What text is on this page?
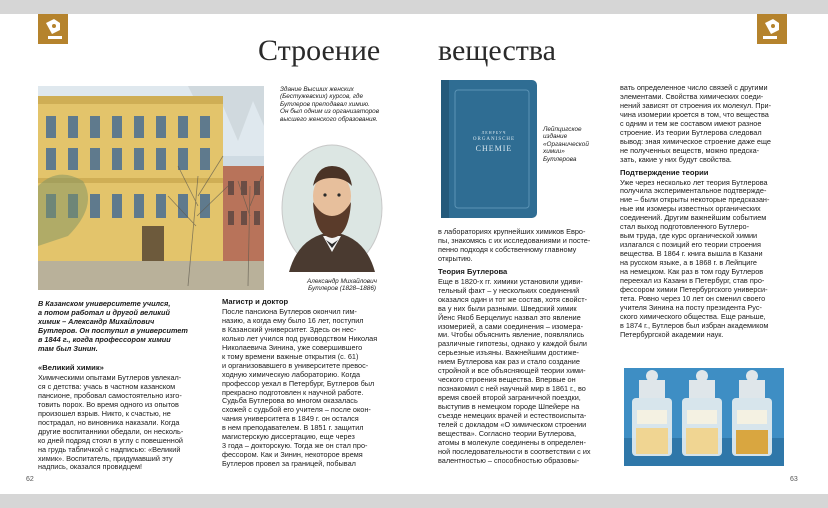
62	63
Строение вещества
Здание Высших женских
(Бестужевских) курсов, где
Бутлеров преподавал химию.
Он был одним из организаторов
высшего женского образования.
Александр Михайлович
Бутлеров (1828–1886)
ЛЕНРБУЧ
ORGANISCHE
CHEMIE
Лейпцигское
издание
«Органической
химии»
Бутлерова
В Казанском университете учился,
а потом работал и другой великий
химик – Александр Михайлович
Бутлеров. Он поступил в университет
в 1844 г., когда профессором химии
там был Зинин.

«Великий химик»

Химическими опытами Бутлеров увлекал-
ся с детства: учась в частном казанском
пансионе, пробовал самостоятельно изго-
товить порох. Во время одного из опытов
произошел взрыв. Никто, к счастью, не
пострадал, но виновника наказали. Когда
другие воспитанники обедали, он несколь-
ко дней подряд стоял в углу с повешенной
на грудь табличкой с надписью: «Великий
химик». Воспитатель, придумавший эту
надпись, оказался провидцем!

Магистр и доктор

После пансиона Бутлеров окончил гим-
назию, а когда ему было 16 лет, поступил
в Казанский университет. Здесь он нес-
колько лет учился под руководством Николая
Николаевича Зинина, уже совершившего
к тому времени важные открытия (с. 61)
и организовавшего в университете превос-
ходную химическую лабораторию. Когда
профессор уехал в Петербург, Бутлеров был
прекрасно подготовлен к научной работе.
Судьба Бутлерова во многом оказалась
схожей с судьбой его учителя – после окон-
чания университета в 1849 г. он остался
в нем преподавателем. В 1851 г. защитил
магистерскую диссертацию, еще через
3 года – докторскую. Тогда же он стал про-
фессором. Как и Зинин, некоторое время
Бутлеров провел за границей, побывал
в лабораториях крупнейших химиков Евро-
пы, знакомясь с их исследованиями и посте-
пенно подходя к собственному главному
открытию.

Теория Бутлерова

Еще в 1820-х гг. химики установили удиви-
тельный факт – у нескольких соединений
оказался один и тот же состав, хотя свойст-
ва у них были разными. Шведский химик
Йенс Якоб Берцелиус назвал это явление
изомерией, а сами соединения – изомера-
ми. Чтобы объяснить явление, появлялись
различные гипотезы, однако у каждой были
серьезные изъяны. Важнейшим достиже-
нием Бутлерова как раз и стало создание
стройной и все объясняющей теории хими-
ческого строения вещества. Впервые он
познакомил с ней научный мир в 1861 г., во
время своей второй заграничной поездки,
выступив в немецком городе Шпейере на
съезде немецких врачей и естествоиспыта-
телей с докладом «О химическом строении
вещества». Согласно теории Бутлерова,
атомы в молекуле соединены в определен-
ной последовательности в соответствии с их
валентностью – способностью образовы-
вать определенное число связей с другими
элементами. Свойства химических соеди-
нений зависят от строения их молекул. При-
чина изомерии кроется в том, что вещества
с одним и тем же составом имеют разное
строение. Из теории Бутлерова следовал
вывод: зная химическое строение даже еще
не полученных веществ, можно предска-
зать, какие у них будут свойства.

Подтверждение теории

Уже через несколько лет теория Бутлерова
получила экспериментальное подтвержде-
ние – были открыты некоторые предсказан-
ные им изомеры известных органических
соединений. Другим важнейшим событием
стал выход подготовленного Бутлеро-
вым труда, где курс органической химии
излагался с позиций его теории строения
вещества. В 1864 г. книга вышла в Казани
на русском языке, а в 1868 г. в Лейпциге
на немецком. Как раз в том году Бутлеров
переехал из Казани в Петербург, став про-
фессором химии Петербургского универси-
тета. Ровно через 10 лет он сменил своего
учителя Зинина на посту президента Рус-
ского химического общества. Еще раньше,
в 1874 г., Бутлеров был избран академиком
Петербургской академии наук.
